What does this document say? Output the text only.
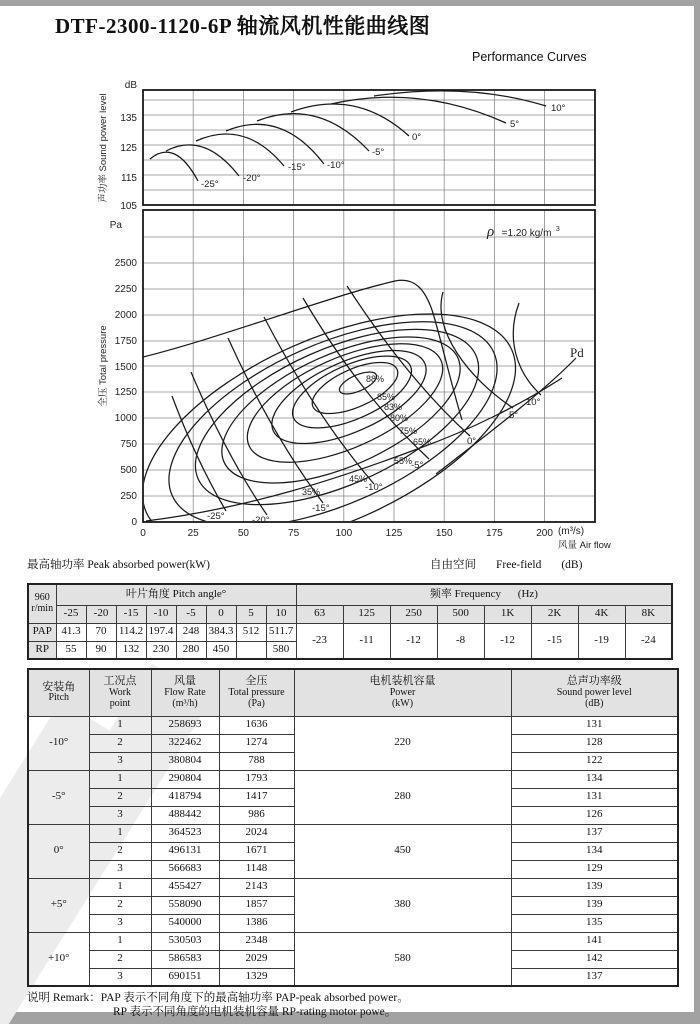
DTF-2300-1120-6P 轴流风机性能曲线图
Performance Curves
dB
135
125
115
105
声功率 Sound power level	-25°
-20°
-15° -10°
-5°
0°
5°
10°
Pa
2500
2250
2000
1750
1500
1250
1000
750
500
250
0
全压 Total pressure
0	25	50	75	100	125	150	175	200 (m³/s)
风量 Air flow
ρ =1.20 kg/m $^3$
Pd
88%
85%
83%
80%
75%
65%
55%
45%
35%
-25°	-20°
-15°
-10°
-5°
0°
5°
10°
最高轴功率 Peak absorbed power(kW)	自由空间 Free-field (dB)
960
r/min	叶片角度 Pitch angle°								频率 Frequency (Hz)							
	-25	-20	-15	-10	-5	0	5	10	63	125	250	500	1K	2K	4K	8K
PAP	41.3	70	114.2	197.4	248	384.3	512	511.7	-23	-11	-12	-8	-12	-15	-19	-24
RP	55	90	132	230	280	450		580								
安装角
Pitch

工况点
Work
point

风量
Flow Rate
(m³/h)

全压
Total pressure
(Pa)

电机装机容量
Power
(kW)

总声功率级
Sound power level
(dB)

-10°	1	258693	1636	220	131
	2	322462	1274		128
	3	380804	788		122
-5°	1	290804	1793	280	134
	2	418794	1417		131
	3	488442	986		126
0°	1	364523	2024	450	137
	2	496131	1671		134
	3	566683	1148		129
+5°	1	455427	2143	380	139
	2	558090	1857		139
	3	540000	1386		135
+10°	1	530503	2348	580	141
	2	586583	2029		142
	3	690151	1329		137
说明 Remark：PAP 表示不同角度下的最高轴功率 PAP-peak absorbed power。
RP 表示不同角度的电机装机容量 RP-rating motor powe。
